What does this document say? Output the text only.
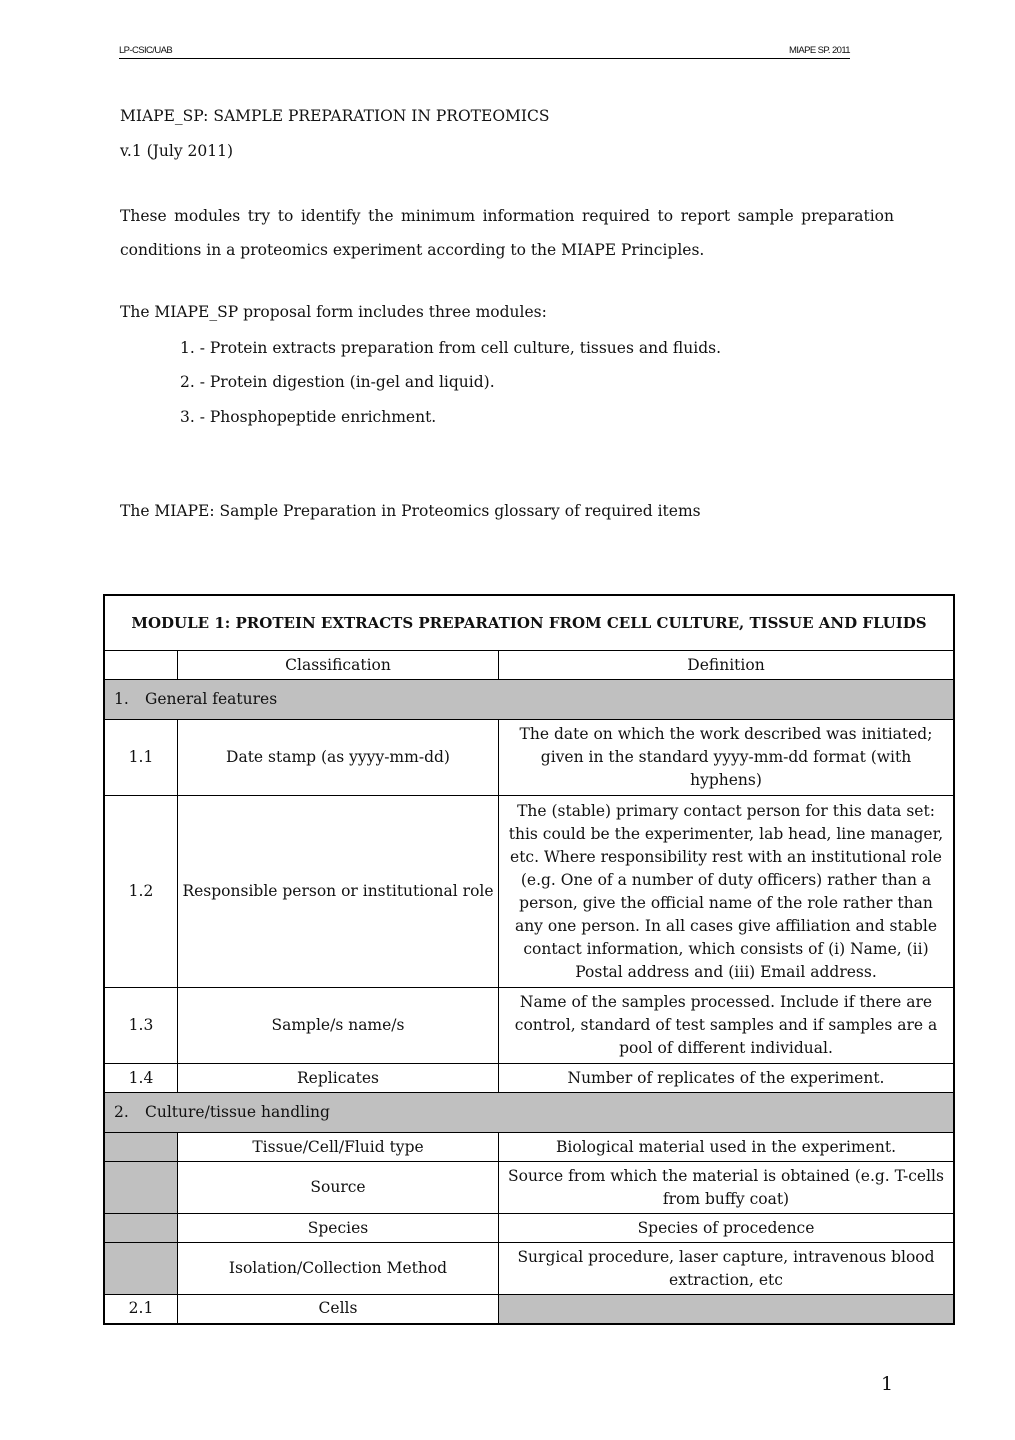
LP-CSIC/UAB	MIAPE SP. 2011
MIAPE_SP: SAMPLE PREPARATION IN PROTEOMICS
v.1 (July 2011)
These modules try to identify the minimum information required to report sample preparation conditions in a proteomics experiment according to the MIAPE Principles.
The MIAPE_SP proposal form includes three modules:
1. - Protein extracts preparation from cell culture, tissues and fluids.
2. - Protein digestion (in-gel and liquid).
3. - Phosphopeptide enrichment.
The MIAPE: Sample Preparation in Proteomics glossary of required items
MODULE 1: PROTEIN EXTRACTS PREPARATION FROM CELL CULTURE, TISSUE AND FLUIDS		
	Classification	Definition
1. General features		
1.1	Date stamp (as yyyy-mm-dd)	The date on which the work described was initiated; given in the standard yyyy-mm-dd format (with hyphens)
1.2	Responsible person or institutional role	The (stable) primary contact person for this data set: this could be the experimenter, lab head, line manager, etc. Where responsibility rest with an institutional role (e.g. One of a number of duty officers) rather than a person, give the official name of the role rather than any one person. In all cases give affiliation and stable contact information, which consists of (i) Name, (ii) Postal address and (iii) Email address.
1.3	Sample/s name/s	Name of the samples processed. Include if there are control, standard of test samples and if samples are a pool of different individual.
1.4	Replicates	Number of replicates of the experiment.
2. Culture/tissue handling		
	Tissue/Cell/Fluid type	Biological material used in the experiment.
	Source	Source from which the material is obtained (e.g. T-cells from buffy coat)
	Species	Species of procedence
	Isolation/Collection Method	Surgical procedure, laser capture, intravenous blood extraction, etc
2.1	Cells	
1
